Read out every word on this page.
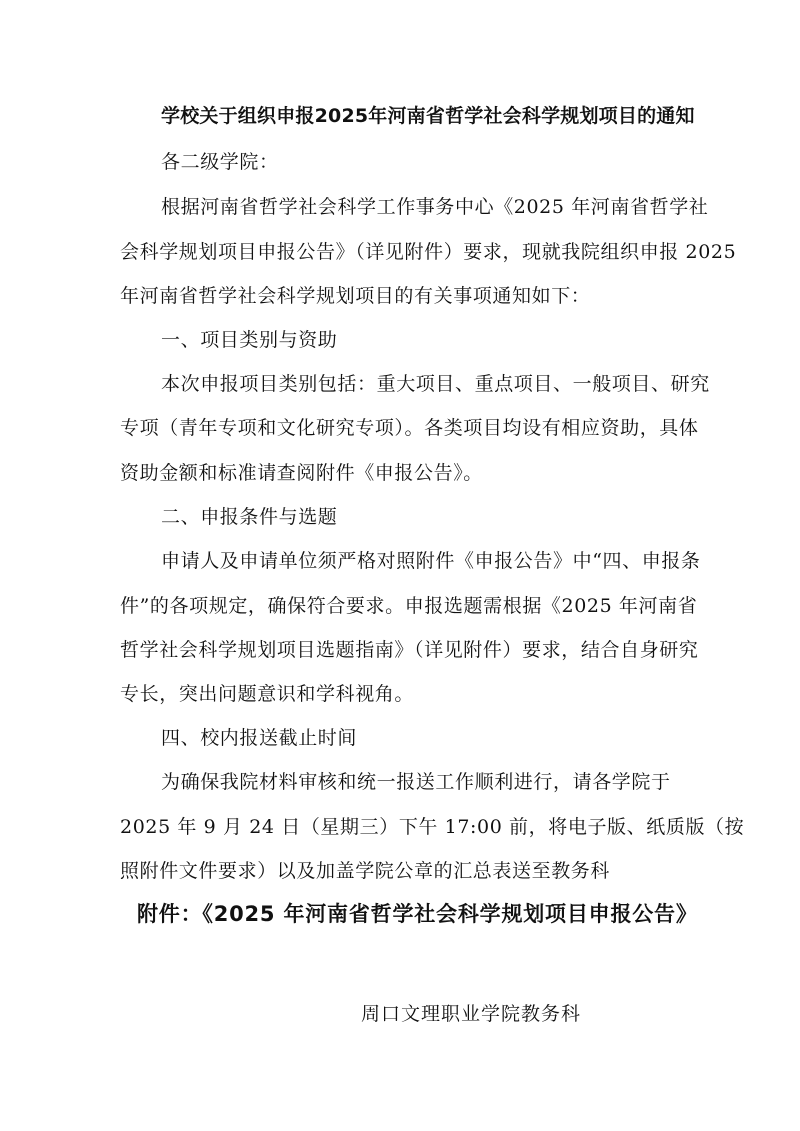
学校关于组织申报2025年河南省哲学社会科学规划项目的通知
各二级学院：
根据河南省哲学社会科学工作事务中心《2025 年河南省哲学社
会科学规划项目申报公告》（详见附件）要求，现就我院组织申报 2025
年河南省哲学社会科学规划项目的有关事项通知如下：
一、项目类别与资助
本次申报项目类别包括：重大项目、重点项目、一般项目、研究
专项（青年专项和文化研究专项）。各类项目均设有相应资助，具体
资助金额和标准请查阅附件《申报公告》。
二、申报条件与选题
申请人及申请单位须严格对照附件《申报公告》中“四、申报条
件”的各项规定，确保符合要求。申报选题需根据《2025 年河南省
哲学社会科学规划项目选题指南》（详见附件）要求，结合自身研究
专长，突出问题意识和学科视角。
四、校内报送截止时间
为确保我院材料审核和统一报送工作顺利进行，请各学院于
2025 年 9 月 24 日（星期三）下午 17:00 前，将电子版、纸质版（按
照附件文件要求）以及加盖学院公章的汇总表送至教务科
附件：《2025 年河南省哲学社会科学规划项目申报公告》
周口文理职业学院教务科
